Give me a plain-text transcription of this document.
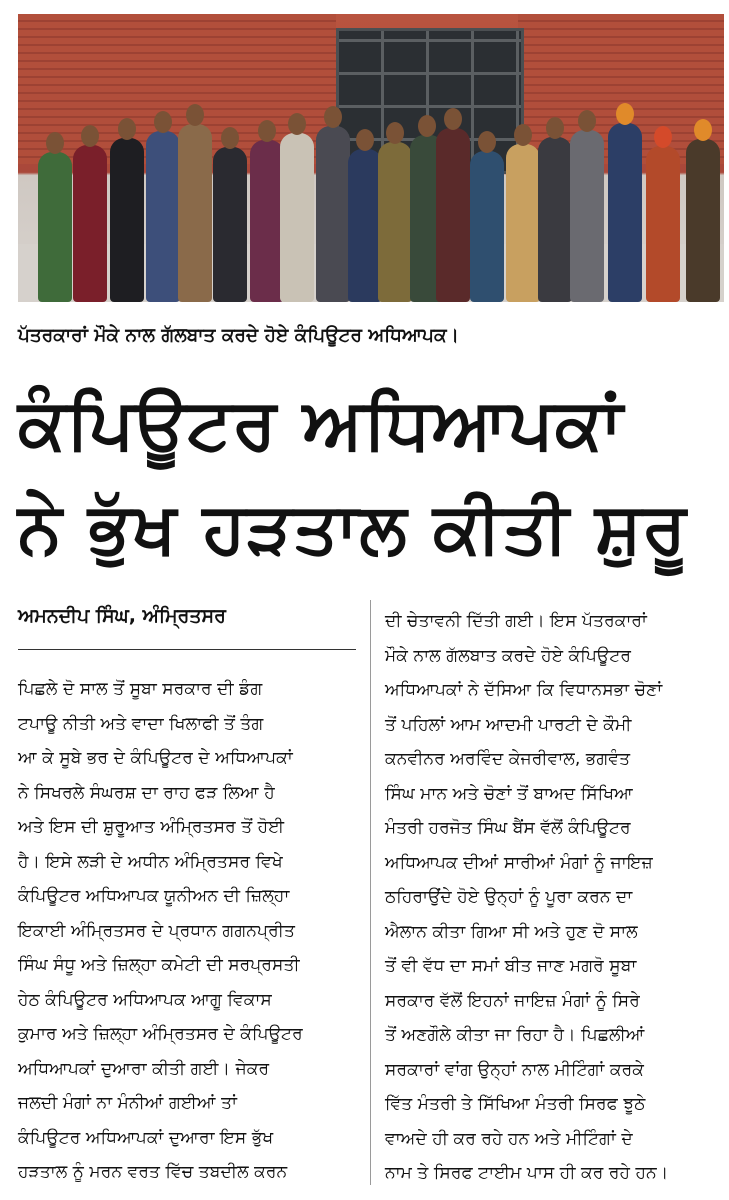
ਪੱਤਰਕਾਰਾਂ ਮੌਕੇ ਨਾਲ ਗੱਲਬਾਤ ਕਰਦੇ ਹੋਏ ਕੰਪਿਊਟਰ ਅਧਿਆਪਕ।
ਕੰਪਿਊਟਰ ਅਧਿਆਪਕਾਂ
ਨੇ ਭੁੱਖ ਹੜਤਾਲ ਕੀਤੀ ਸ਼ੁਰੂ
ਅਮਨਦੀਪ ਸਿੰਘ, ਅੰਮ੍ਰਿਤਸਰ
ਪਿਛਲੇ ਦੋ ਸਾਲ ਤੋਂ ਸੂਬਾ ਸਰਕਾਰ ਦੀ ਡੰਗ
ਟਪਾਊ ਨੀਤੀ ਅਤੇ ਵਾਦਾ ਖਿਲਾਫੀ ਤੋਂ ਤੰਗ
ਆ ਕੇ ਸੂਬੇ ਭਰ ਦੇ ਕੰਪਿਊਟਰ ਦੇ ਅਧਿਆਪਕਾਂ
ਨੇ ਸਿਖਰਲੇ ਸੰਘਰਸ਼ ਦਾ ਰਾਹ ਫੜ ਲਿਆ ਹੈ
ਅਤੇ ਇਸ ਦੀ ਸ਼ੁਰੂਆਤ ਅੰਮ੍ਰਿਤਸਰ ਤੋਂ ਹੋਈ
ਹੈ। ਇਸੇ ਲੜੀ ਦੇ ਅਧੀਨ ਅੰਮ੍ਰਿਤਸਰ ਵਿਖੇ
ਕੰਪਿਊਟਰ ਅਧਿਆਪਕ ਯੂਨੀਅਨ ਦੀ ਜ਼ਿਲ੍ਹਾ
ਇਕਾਈ ਅੰਮ੍ਰਿਤਸਰ ਦੇ ਪ੍ਰਧਾਨ ਗਗਨਪ੍ਰੀਤ
ਸਿੰਘ ਸੰਧੂ ਅਤੇ ਜ਼ਿਲ੍ਹਾ ਕਮੇਟੀ ਦੀ ਸਰਪ੍ਰਸਤੀ
ਹੇਠ ਕੰਪਿਊਟਰ ਅਧਿਆਪਕ ਆਗੂ ਵਿਕਾਸ
ਕੁਮਾਰ ਅਤੇ ਜ਼ਿਲ੍ਹਾ ਅੰਮ੍ਰਿਤਸਰ ਦੇ ਕੰਪਿਊਟਰ
ਅਧਿਆਪਕਾਂ ਦੁਆਰਾ ਕੀਤੀ ਗਈ। ਜੇਕਰ
ਜਲਦੀ ਮੰਗਾਂ ਨਾ ਮੰਨੀਆਂ ਗਈਆਂ ਤਾਂ
ਕੰਪਿਊਟਰ ਅਧਿਆਪਕਾਂ ਦੁਆਰਾ ਇਸ ਭੁੱਖ
ਹੜਤਾਲ ਨੂੰ ਮਰਨ ਵਰਤ ਵਿੱਚ ਤਬਦੀਲ ਕਰਨ
ਦੀ ਚੇਤਾਵਨੀ ਦਿੱਤੀ ਗਈ। ਇਸ ਪੱਤਰਕਾਰਾਂ
ਮੌਕੇ ਨਾਲ ਗੱਲਬਾਤ ਕਰਦੇ ਹੋਏ ਕੰਪਿਊਟਰ
ਅਧਿਆਪਕਾਂ ਨੇ ਦੱਸਿਆ ਕਿ ਵਿਧਾਨਸਭਾ ਚੋਣਾਂ
ਤੋਂ ਪਹਿਲਾਂ ਆਮ ਆਦਮੀ ਪਾਰਟੀ ਦੇ ਕੌਮੀ
ਕਨਵੀਨਰ ਅਰਵਿੰਦ ਕੇਜਰੀਵਾਲ, ਭਗਵੰਤ
ਸਿੰਘ ਮਾਨ ਅਤੇ ਚੋਣਾਂ ਤੋਂ ਬਾਅਦ ਸਿੱਖਿਆ
ਮੰਤਰੀ ਹਰਜੋਤ ਸਿੰਘ ਬੈਂਸ ਵੱਲੋਂ ਕੰਪਿਊਟਰ
ਅਧਿਆਪਕ ਦੀਆਂ ਸਾਰੀਆਂ ਮੰਗਾਂ ਨੂੰ ਜਾਇਜ਼
ਠਹਿਰਾਉਂਦੇ ਹੋਏ ਉਨ੍ਹਾਂ ਨੂੰ ਪੂਰਾ ਕਰਨ ਦਾ
ਐਲਾਨ ਕੀਤਾ ਗਿਆ ਸੀ ਅਤੇ ਹੁਣ ਦੋ ਸਾਲ
ਤੋਂ ਵੀ ਵੱਧ ਦਾ ਸਮਾਂ ਬੀਤ ਜਾਣ ਮਗਰੋ ਸੂਬਾ
ਸਰਕਾਰ ਵੱਲੋਂ ਇਹਨਾਂ ਜਾਇਜ਼ ਮੰਗਾਂ ਨੂੰ ਸਿਰੇ
ਤੋਂ ਅਣਗੌਲੇ ਕੀਤਾ ਜਾ ਰਿਹਾ ਹੈ। ਪਿਛਲੀਆਂ
ਸਰਕਾਰਾਂ ਵਾਂਗ ਉਨ੍ਹਾਂ ਨਾਲ ਮੀਟਿੰਗਾਂ ਕਰਕੇ
ਵਿੱਤ ਮੰਤਰੀ ਤੇ ਸਿੱਖਿਆ ਮੰਤਰੀ ਸਿਰਫ ਝੂਠੇ
ਵਾਅਦੇ ਹੀ ਕਰ ਰਹੇ ਹਨ ਅਤੇ ਮੀਟਿੰਗਾਂ ਦੇ
ਨਾਮ ਤੇ ਸਿਰਫ ਟਾਈਮ ਪਾਸ ਹੀ ਕਰ ਰਹੇ ਹਨ।
